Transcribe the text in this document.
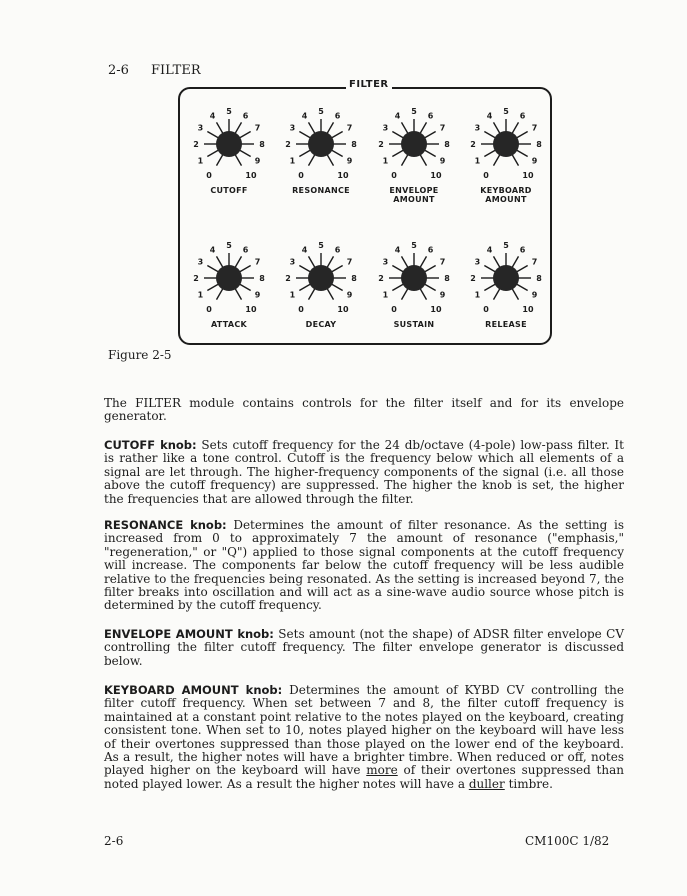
2-6 FILTER
FILTER
0
1
2
3
4 5 6
7
8
9
10
CUTOFF
0
1
2
3
4 5 6
7
8
9
10
RESONANCE
0
1
2
3
4 5 6
7
8
9
10
ENVELOPE
AMOUNT
0
1
2
3
4 5 6
7
8
9
10
KEYBOARD
AMOUNT
0
1
2
3
4 5 6
7
8
9
10
ATTACK
0
1
2
3
4 5 6
7
8
9
10
DECAY
0
1
2
3
4 5 6
7
8
9
10
SUSTAIN
0
1
2
3
4 5 6
7
8
9
10
RELEASE
Figure 2-5
The FILTER module contains controls for the filter itself and for its envelope generator.
CUTOFF knob: Sets cutoff frequency for the 24 db/octave (4-pole) low-pass filter. It is rather like a tone control. Cutoff is the frequency below which all elements of a signal are let through. The higher-frequency components of the signal (i.e. all those above the cutoff frequency) are suppressed. The higher the knob is set, the higher the frequencies that are allowed through the filter.
RESONANCE knob: Determines the amount of filter resonance. As the setting is increased from 0 to approximately 7 the amount of resonance ("emphasis," "regeneration," or "Q") applied to those signal components at the cutoff frequency will increase. The components far below the cutoff frequency will be less audible relative to the frequencies being resonated. As the setting is increased beyond 7, the filter breaks into oscillation and will act as a sine-wave audio source whose pitch is determined by the cutoff frequency.
ENVELOPE AMOUNT knob: Sets amount (not the shape) of ADSR filter envelope CV controlling the filter cutoff frequency. The filter envelope generator is discussed below.
KEYBOARD AMOUNT knob: Determines the amount of KYBD CV controlling the filter cutoff frequency. When set between 7 and 8, the filter cutoff frequency is maintained at a constant point relative to the notes played on the keyboard, creating consistent tone. When set to 10, notes played higher on the keyboard will have less of their overtones suppressed than those played on the lower end of the keyboard. As a result, the higher notes will have a brighter timbre. When reduced or off, notes played higher on the keyboard will have more of their overtones suppressed than noted played lower. As a result the higher notes will have a duller timbre.
2-6	CM100C 1/82
